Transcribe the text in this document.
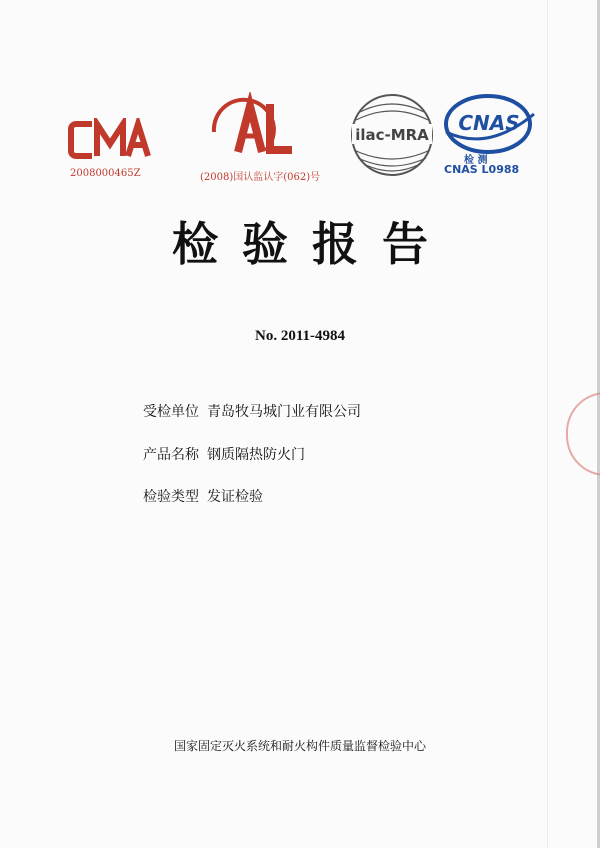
2008000465Z	(2008)国认监认字(062)号
ilac-MRA CNAS
检 测
CNAS L0988
检验报告
No. 2011-4984
受检单位 青岛牧马城门业有限公司
产品名称 钢质隔热防火门
检验类型 发证检验
国家固定灭火系统和耐火构件质量监督检验中心
